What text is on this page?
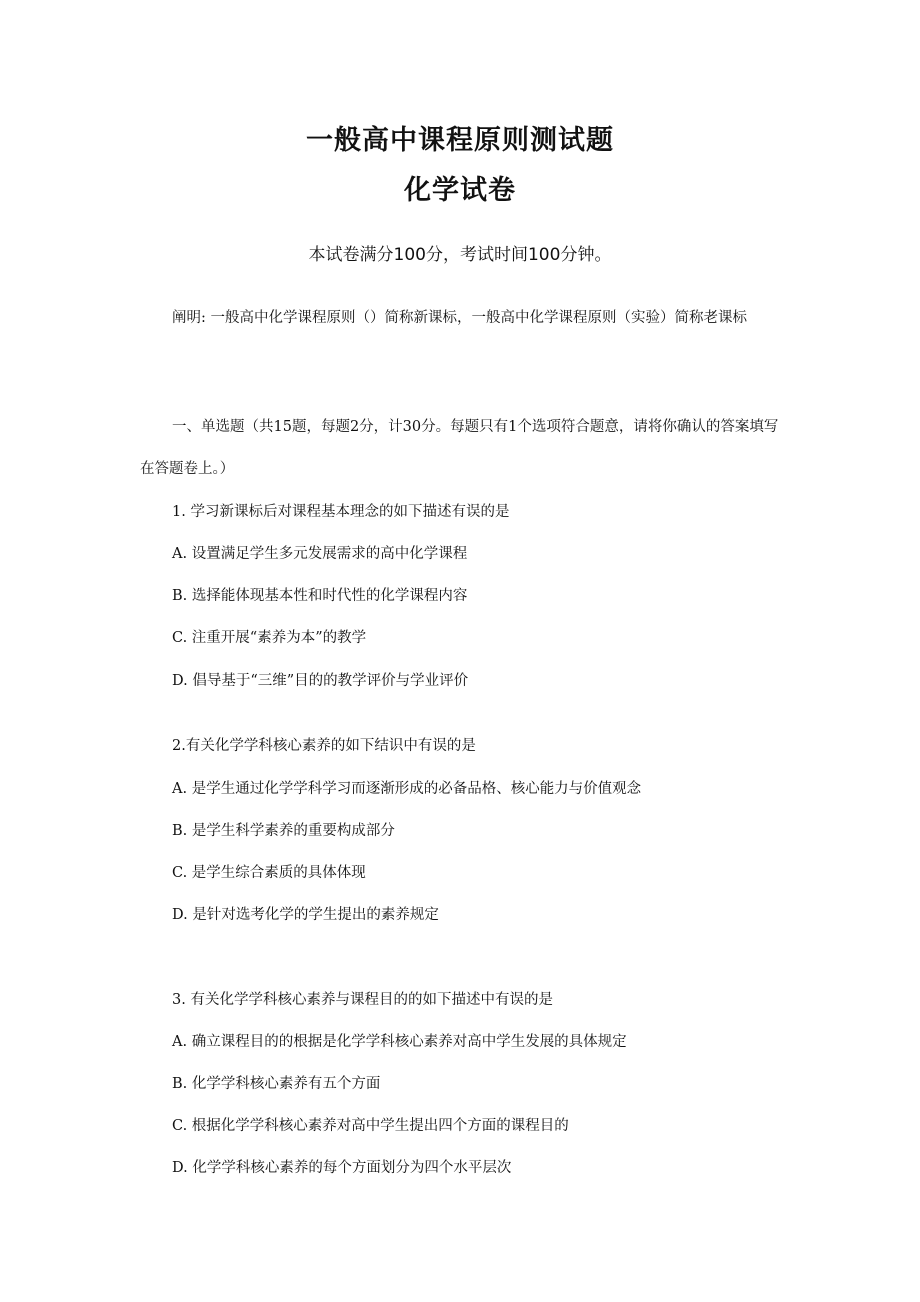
一般高中课程原则测试题
化学试卷

本试卷满分100分，考试时间100分钟。

阐明: 一般高中化学课程原则（）简称新课标，一般高中化学课程原则（实验）简称老课标

一、单选题（共15题，每题2分，计30分。每题只有1个选项符合题意，请将你确认的答案填写在答题卷上。）

1. 学习新课标后对课程基本理念的如下描述有误的是

A. 设置满足学生多元发展需求的高中化学课程

B. 选择能体现基本性和时代性的化学课程内容

C. 注重开展“素养为本”的教学

D. 倡导基于“三维”目的的教学评价与学业评价

2.有关化学学科核心素养的如下结识中有误的是

A. 是学生通过化学学科学习而逐渐形成的必备品格、核心能力与价值观念

B. 是学生科学素养的重要构成部分

C. 是学生综合素质的具体体现

D. 是针对选考化学的学生提出的素养规定

3. 有关化学学科核心素养与课程目的的如下描述中有误的是

A. 确立课程目的的根据是化学学科核心素养对高中学生发展的具体规定

B. 化学学科核心素养有五个方面

C. 根据化学学科核心素养对高中学生提出四个方面的课程目的

D. 化学学科核心素养的每个方面划分为四个水平层次
